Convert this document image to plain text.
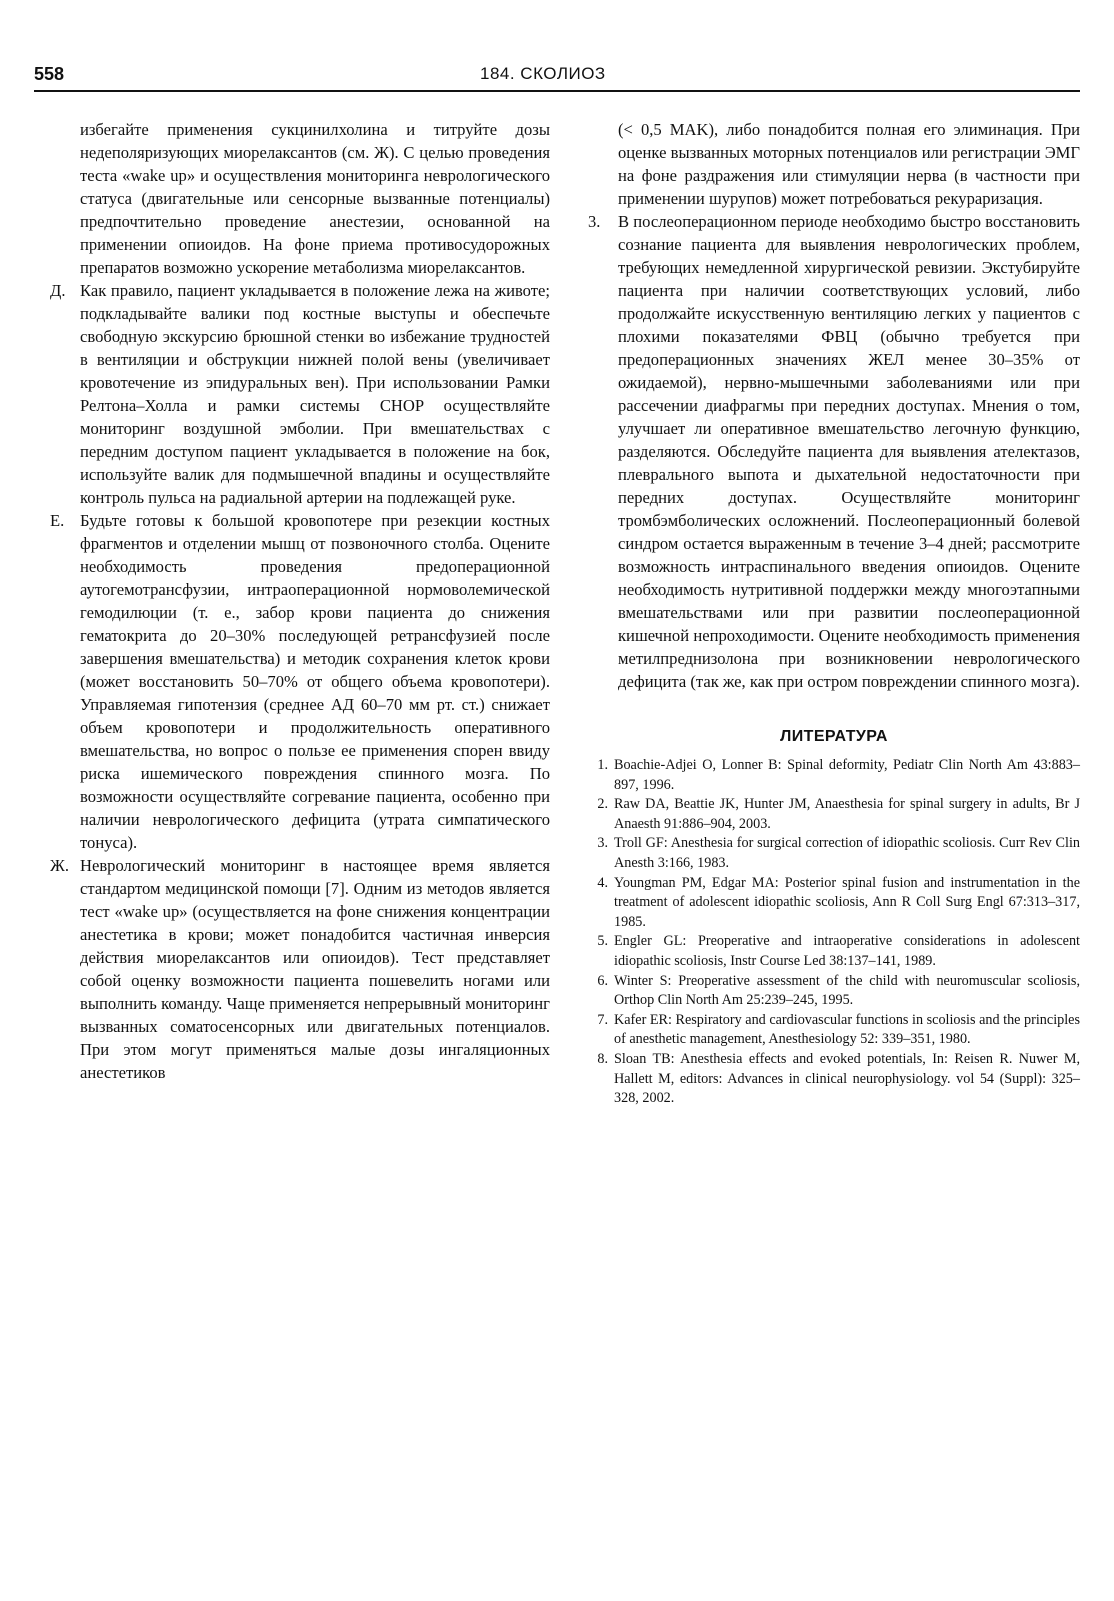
558	184. СКОЛИОЗ

избегайте применения сукцинилхолина и титруйте дозы недеполяризующих миорелаксантов (см. Ж). С целью проведения теста «wake up» и осуществления мониторинга неврологического статуса (двигательные или сенсорные вызванные потенциалы) предпочтительно проведение анестезии, основанной на применении опиоидов. На фоне приема противосудорожных препаратов возможно ускорение метаболизма миорелаксантов.

Д. Как правило, пациент укладывается в положение лежа на животе; подкладывайте валики под костные выступы и обеспечьте свободную экскурсию брюшной стенки во избежание трудностей в вентиляции и обструкции нижней полой вены (увеличивает кровотечение из эпидуральных вен). При использовании Рамки Релтона–Холла и рамки системы CHOP осуществляйте мониторинг воздушной эмболии. При вмешательствах с передним доступом пациент укладывается в положение на бок, используйте валик для подмышечной впадины и осуществляйте контроль пульса на радиальной артерии на подлежащей руке.
Е. Будьте готовы к большой кровопотере при резекции костных фрагментов и отделении мышц от позвоночного столба. Оцените необходимость проведения предоперационной аутогемотрансфузии, интраоперационной нормоволемической гемодилюции (т. е., забор крови пациента до снижения гематокрита до 20–30% последующей ретрансфузией после завершения вмешательства) и методик сохранения клеток крови (может восстановить 50–70% от общего объема кровопотери). Управляемая гипотензия (среднее АД 60–70 мм рт. ст.) снижает объем кровопотери и продолжительность оперативного вмешательства, но вопрос о пользе ее применения спорен ввиду риска ишемического повреждения спинного мозга. По возможности осуществляйте согревание пациента, особенно при наличии неврологического дефицита (утрата симпатического тонуса).
Ж. Неврологический мониторинг в настоящее время является стандартом медицинской помощи [7]. Одним из методов является тест «wake up» (осуществляется на фоне снижения концентрации анестетика в крови; может понадобится частичная инверсия действия миорелаксантов или опиоидов). Тест представляет собой оценку возможности пациента пошевелить ногами или выполнить команду. Чаще применяется непрерывный мониторинг вызванных соматосенсорных или двигательных потенциалов. При этом могут применяться малые дозы ингаляционных анестетиков

(< 0,5 MAK), либо понадобится полная его элиминация. При оценке вызванных моторных потенциалов или регистрации ЭМГ на фоне раздражения или стимуляции нерва (в частности при применении шурупов) может потребоваться рекураризация.

3.	В послеоперационном периоде необходимо быстро восстановить сознание пациента для выявления неврологических проблем, требующих немедленной хирургической ревизии. Экстубируйте пациента при наличии соответствующих условий, либо продолжайте искусственную вентиляцию легких у пациентов с плохими показателями ФВЦ (обычно требуется при предоперационных значениях ЖЕЛ менее 30–35% от ожидаемой), нервно-мышечными заболеваниями или при рассечении диафрагмы при передних доступах. Мнения о том, улучшает ли оперативное вмешательство легочную функцию, разделяются. Обследуйте пациента для выявления ателектазов, плеврального выпота и дыхательной недостаточности при передних доступах. Осуществляйте мониторинг тромбэмболических осложнений. Послеоперационный болевой синдром остается выраженным в течение 3–4 дней; рассмотрите возможность интраспинального введения опиоидов. Оцените необходимость нутритивной поддержки между многоэтапными вмешательствами или при развитии послеоперационной кишечной непроходимости. Оцените необходимость применения метилпреднизолона при возникновении неврологического дефицита (так же, как при остром повреждении спинного мозга).
ЛИТЕРАТУРА
1. Boachie-Adjei O, Lonner B: Spinal deformity, Pediatr Clin North Am 43:883–897, 1996.
2. Raw DA, Beattie JK, Hunter JM, Anaesthesia for spinal surgery in adults, Br J Anaesth 91:886–904, 2003.
3. Troll GF: Anesthesia for surgical correction of idiopathic scoliosis. Curr Rev Clin Anesth 3:166, 1983.
4. Youngman PM, Edgar MA: Posterior spinal fusion and instrumentation in the treatment of adolescent idiopathic scoliosis, Ann R Coll Surg Engl 67:313–317, 1985.
5. Engler GL: Preoperative and intraoperative considerations in adolescent idiopathic scoliosis, Instr Course Led 38:137–141, 1989.
6. Winter S: Preoperative assessment of the child with neuromuscular scoliosis, Orthop Clin North Am 25:239–245, 1995.
7. Kafer ER: Respiratory and cardiovascular functions in scoliosis and the principles of anesthetic management, Anesthesiology 52: 339–351, 1980.
8. Sloan TB: Anesthesia effects and evoked potentials, In: Reisen R. Nuwer M, Hallett M, editors: Advances in clinical neurophysiology. vol 54 (Suppl): 325–328, 2002.
